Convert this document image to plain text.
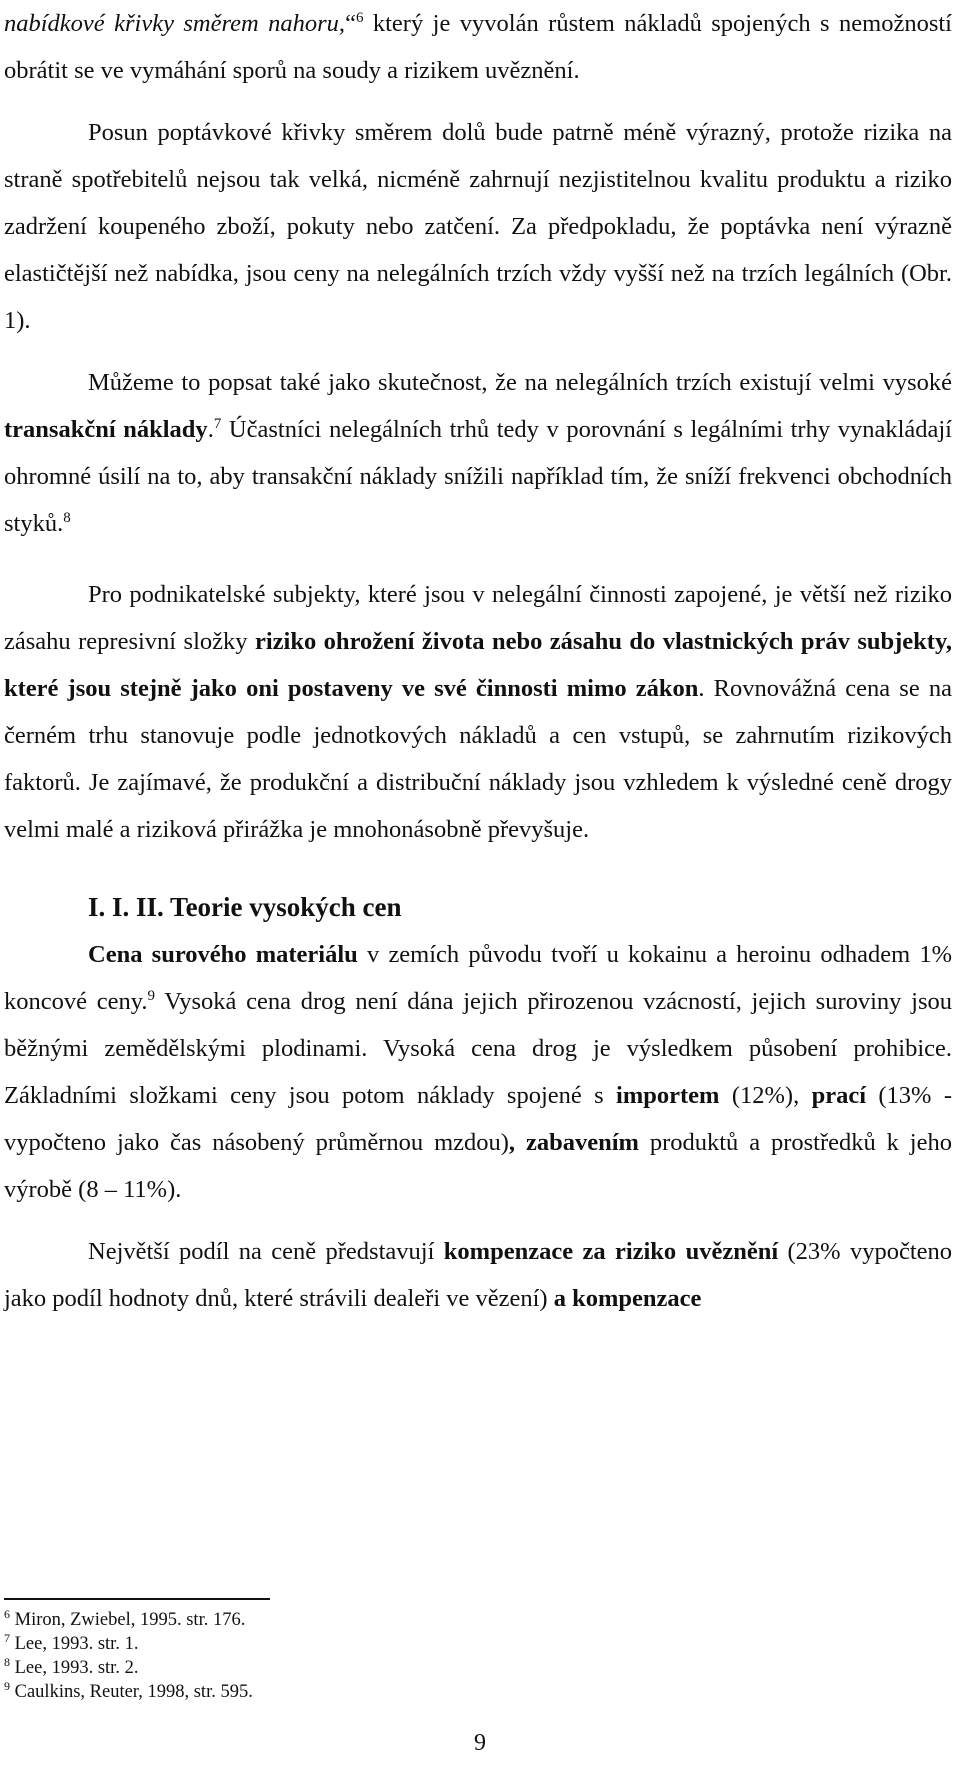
nabídkové křivky směrem nahoru,“$^6$ který je vyvolán růstem nákladů spojených s nemožností obrátit se ve vymáhání sporů na soudy a rizikem uvěznění.

Posun poptávkové křivky směrem dolů bude patrně méně výrazný, protože rizika na straně spotřebitelů nejsou tak velká, nicméně zahrnují nezjistitelnou kvalitu produktu a riziko zadržení koupeného zboží, pokuty nebo zatčení. Za předpokladu, že poptávka není výrazně elastičtější než nabídka, jsou ceny na nelegálních trzích vždy vyšší než na trzích legálních (Obr. 1).

Můžeme to popsat také jako skutečnost, že na nelegálních trzích existují velmi vysoké transakční náklady.$^7$ Účastníci nelegálních trhů tedy v porovnání s legálními trhy vynakládají ohromné úsilí na to, aby transakční náklady snížili například tím, že sníží frekvenci obchodních styků.$^8$

Pro podnikatelské subjekty, které jsou v nelegální činnosti zapojené, je větší než riziko zásahu represivní složky riziko ohrožení života nebo zásahu do vlastnických práv subjekty, které jsou stejně jako oni postaveny ve své činnosti mimo zákon. Rovnovážná cena se na černém trhu stanovuje podle jednotkových nákladů a cen vstupů, se zahrnutím rizikových faktorů. Je zajímavé, že produkční a distribuční náklady jsou vzhledem k výsledné ceně drogy velmi malé a riziková přirážka je mnohonásobně převyšuje.

I. I. II. Teorie vysokých cen

Cena surového materiálu v zemích původu tvoří u kokainu a heroinu odhadem 1% koncové ceny.$^9$ Vysoká cena drog není dána jejich přirozenou vzácností, jejich suroviny jsou běžnými zemědělskými plodinami. Vysoká cena drog je výsledkem působení prohibice. Základními složkami ceny jsou potom náklady spojené s importem (12%), prací (13% - vypočteno jako čas násobený průměrnou mzdou), zabavením produktů a prostředků k jeho výrobě (8 – 11%).

Největší podíl na ceně představují kompenzace za riziko uvěznění (23% vypočteno jako podíl hodnoty dnů, které strávili dealeři ve vězení) a kompenzace

$^6$ Miron, Zwiebel, 1995. str. 176.
$^7$ Lee, 1993. str. 1.
$^8$ Lee, 1993. str. 2.
$^9$ Caulkins, Reuter, 1998, str. 595.
9
